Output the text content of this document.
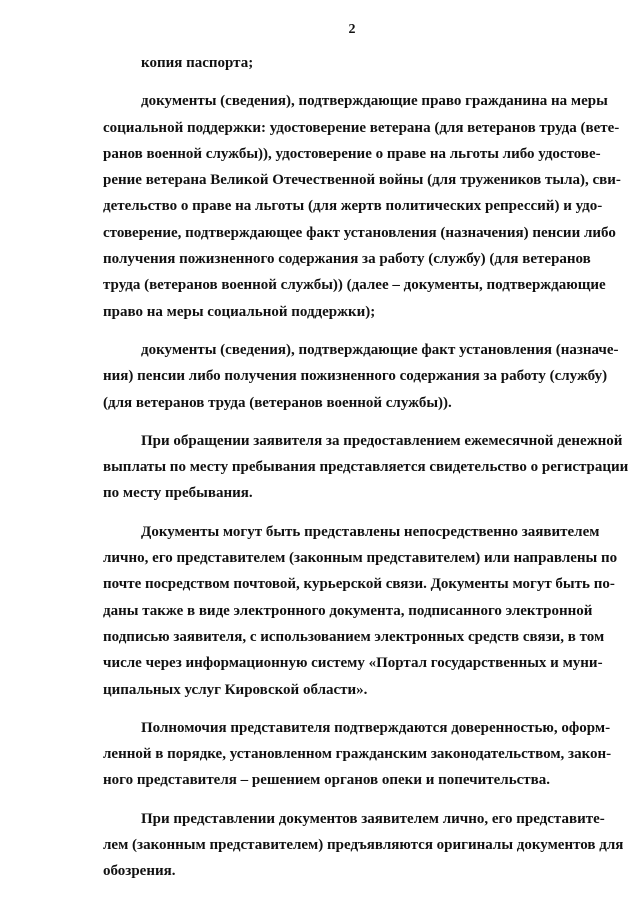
2
копия паспорта;
документы (сведения), подтверждающие право гражданина на меры
социальной поддержки: удостоверение ветерана (для ветеранов труда (вете-
ранов военной службы)), удостоверение о праве на льготы либо удостове-
рение ветерана Великой Отечественной войны (для тружеников тыла), сви-
детельство о праве на льготы (для жертв политических репрессий) и удо-
стоверение, подтверждающее факт установления (назначения) пенсии либо
получения пожизненного содержания за работу (службу) (для ветеранов
труда (ветеранов военной службы)) (далее – документы, подтверждающие
право на меры социальной поддержки);
документы (сведения), подтверждающие факт установления (назначе-
ния) пенсии либо получения пожизненного содержания за работу (службу)
(для ветеранов труда (ветеранов военной службы)).
При обращении заявителя за предоставлением ежемесячной денежной
выплаты по месту пребывания представляется свидетельство о регистрации
по месту пребывания.
Документы могут быть представлены непосредственно заявителем
лично, его представителем (законным представителем) или направлены по
почте посредством почтовой, курьерской связи. Документы могут быть по-
даны также в виде электронного документа, подписанного электронной
подписью заявителя, с использованием электронных средств связи, в том
числе через информационную систему «Портал государственных и муни-
ципальных услуг Кировской области».
Полномочия представителя подтверждаются доверенностью, оформ-
ленной в порядке, установленном гражданским законодательством, закон-
ного представителя – решением органов опеки и попечительства.
При представлении документов заявителем лично, его представите-
лем (законным представителем) предъявляются оригиналы документов для
обозрения.
